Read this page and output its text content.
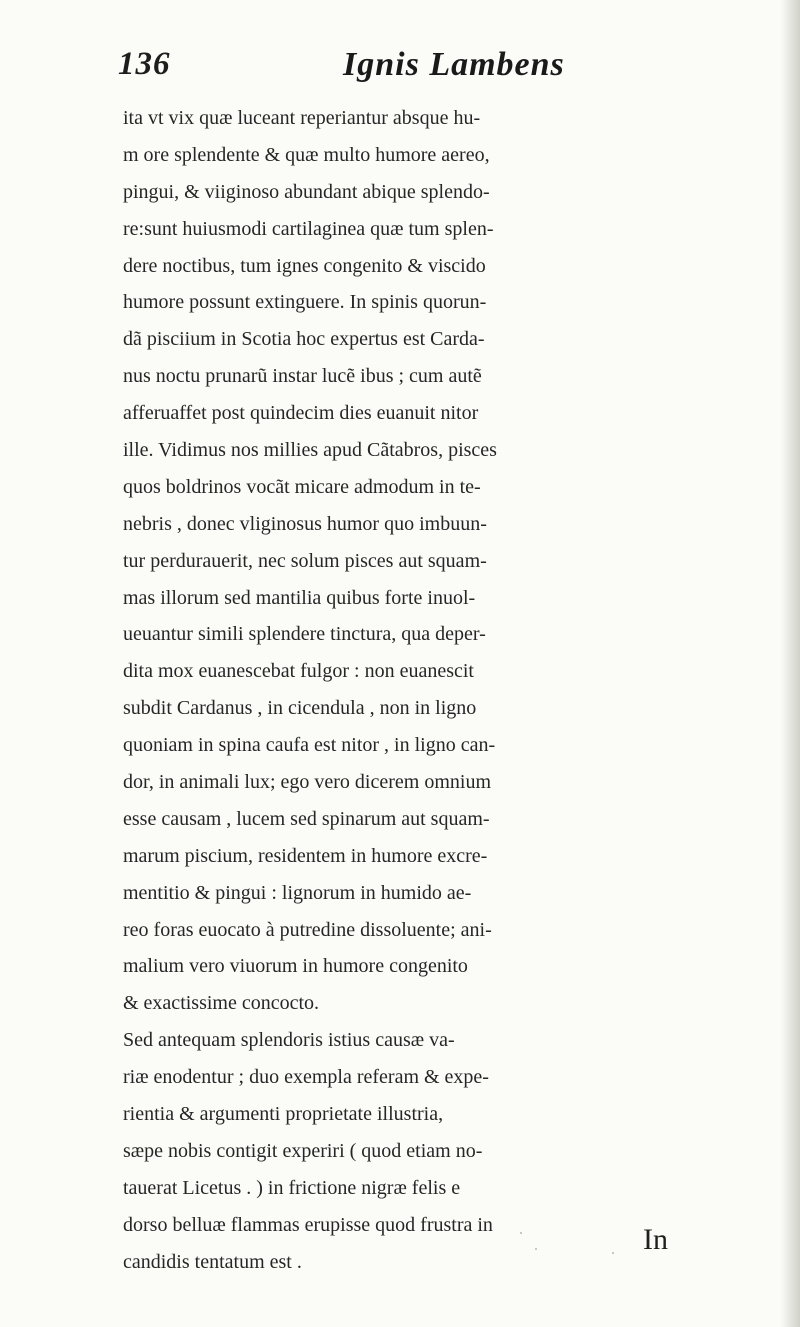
136	Ignis Lambens
ita vt vix quæ luceant reperiantur absque hu-
m ore splendente & quæ multo humore aereo,
pingui, & viiginoso abundant abique splendo-
re:sunt huiusmodi cartilaginea quæ tum splen-
dere noctibus, tum ignes congenito & viscido
humore possunt extinguere. In spinis quorun-
dã pisciium in Scotia hoc expertus est Carda-
nus noctu prunarũ instar lucẽ ibus ; cum autẽ
afferuaffet post quindecim dies euanuit nitor
ille. Vidimus nos millies apud Cãtabros, pisces
quos boldrinos vocãt micare admodum in te-
nebris , donec vliginosus humor quo imbuun-
tur perdurauerit, nec solum pisces aut squam-
mas illorum sed mantilia quibus forte inuol-
ueuantur simili splendere tinctura, qua deper-
dita mox euanescebat fulgor : non euanescit
subdit Cardanus , in cicendula , non in ligno
quoniam in spina caufa est nitor , in ligno can-
dor, in animali lux; ego vero dicerem omnium
esse causam , lucem sed spinarum aut squam-
marum piscium, residentem in humore excre-
mentitio & pingui : lignorum in humido ae-
reo foras euocato à putredine dissoluente; ani-
malium vero viuorum in humore congenito
& exactissime concocto.
Sed antequam splendoris istius causæ va-
riæ enodentur ; duo exempla referam & expe-
rientia & argumenti proprietate illustria,
sæpe nobis contigit experiri ( quod etiam no-
tauerat Licetus . ) in frictione nigræ felis e
dorso belluæ flammas erupisse quod frustra in
candidis tentatum est .
In
